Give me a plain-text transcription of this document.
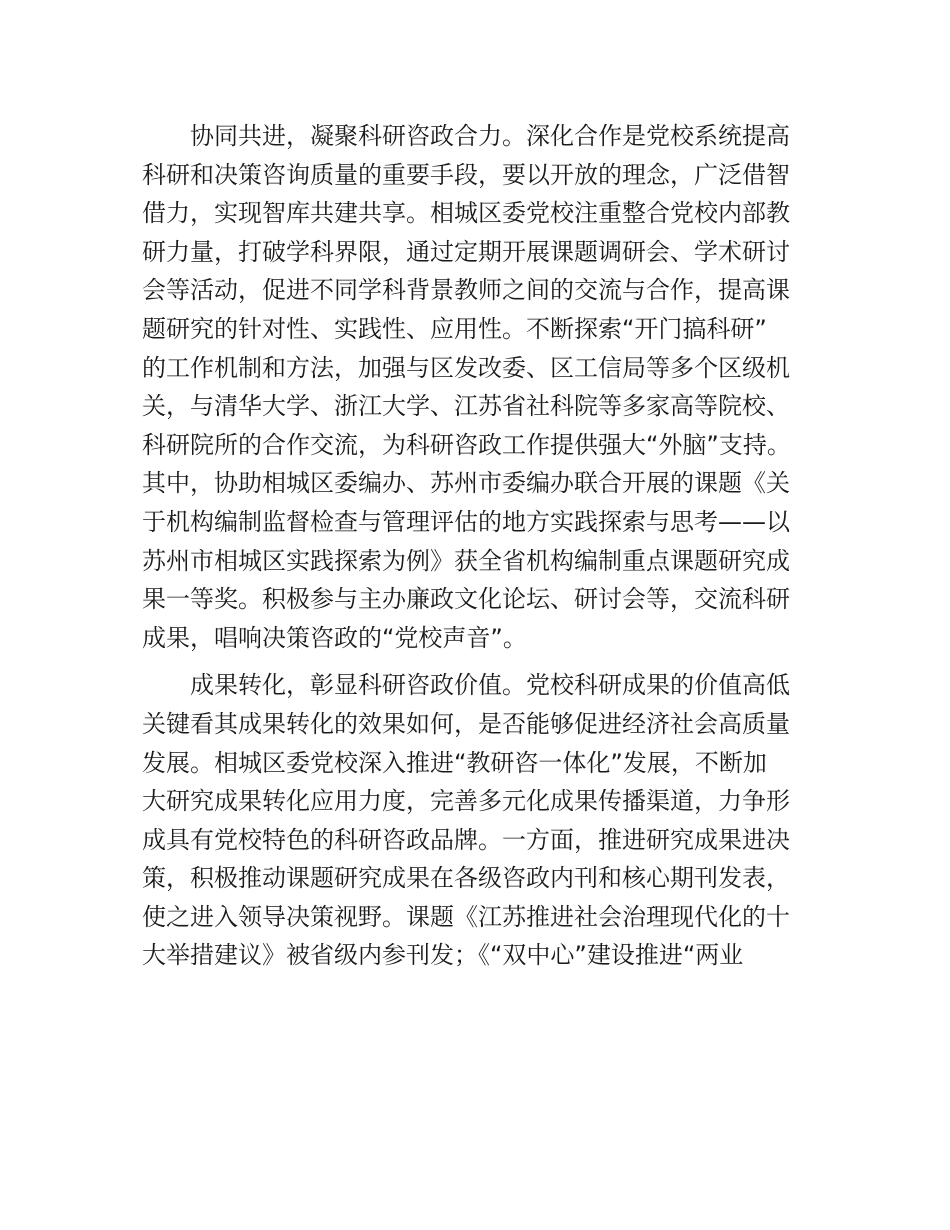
协同共进，凝聚科研咨政合力。深化合作是党校系统提高
科研和决策咨询质量的重要手段，要以开放的理念，广泛借智
借力，实现智库共建共享。相城区委党校注重整合党校内部教
研力量，打破学科界限，通过定期开展课题调研会、学术研讨
会等活动，促进不同学科背景教师之间的交流与合作，提高课
题研究的针对性、实践性、应用性。不断探索“开门搞科研”
的工作机制和方法，加强与区发改委、区工信局等多个区级机
关，与清华大学、浙江大学、江苏省社科院等多家高等院校、
科研院所的合作交流，为科研咨政工作提供强大“外脑”支持。
其中，协助相城区委编办、苏州市委编办联合开展的课题《关
于机构编制监督检查与管理评估的地方实践探索与思考——以
苏州市相城区实践探索为例》获全省机构编制重点课题研究成
果一等奖。积极参与主办廉政文化论坛、研讨会等，交流科研
成果，唱响决策咨政的“党校声音”。
成果转化，彰显科研咨政价值。党校科研成果的价值高低
关键看其成果转化的效果如何，是否能够促进经济社会高质量
发展。相城区委党校深入推进“教研咨一体化”发展，不断加
大研究成果转化应用力度，完善多元化成果传播渠道，力争形
成具有党校特色的科研咨政品牌。一方面，推进研究成果进决
策，积极推动课题研究成果在各级咨政内刊和核心期刊发表，
使之进入领导决策视野。课题《江苏推进社会治理现代化的十
大举措建议》被省级内参刊发；《“双中心”建设推进“两业
